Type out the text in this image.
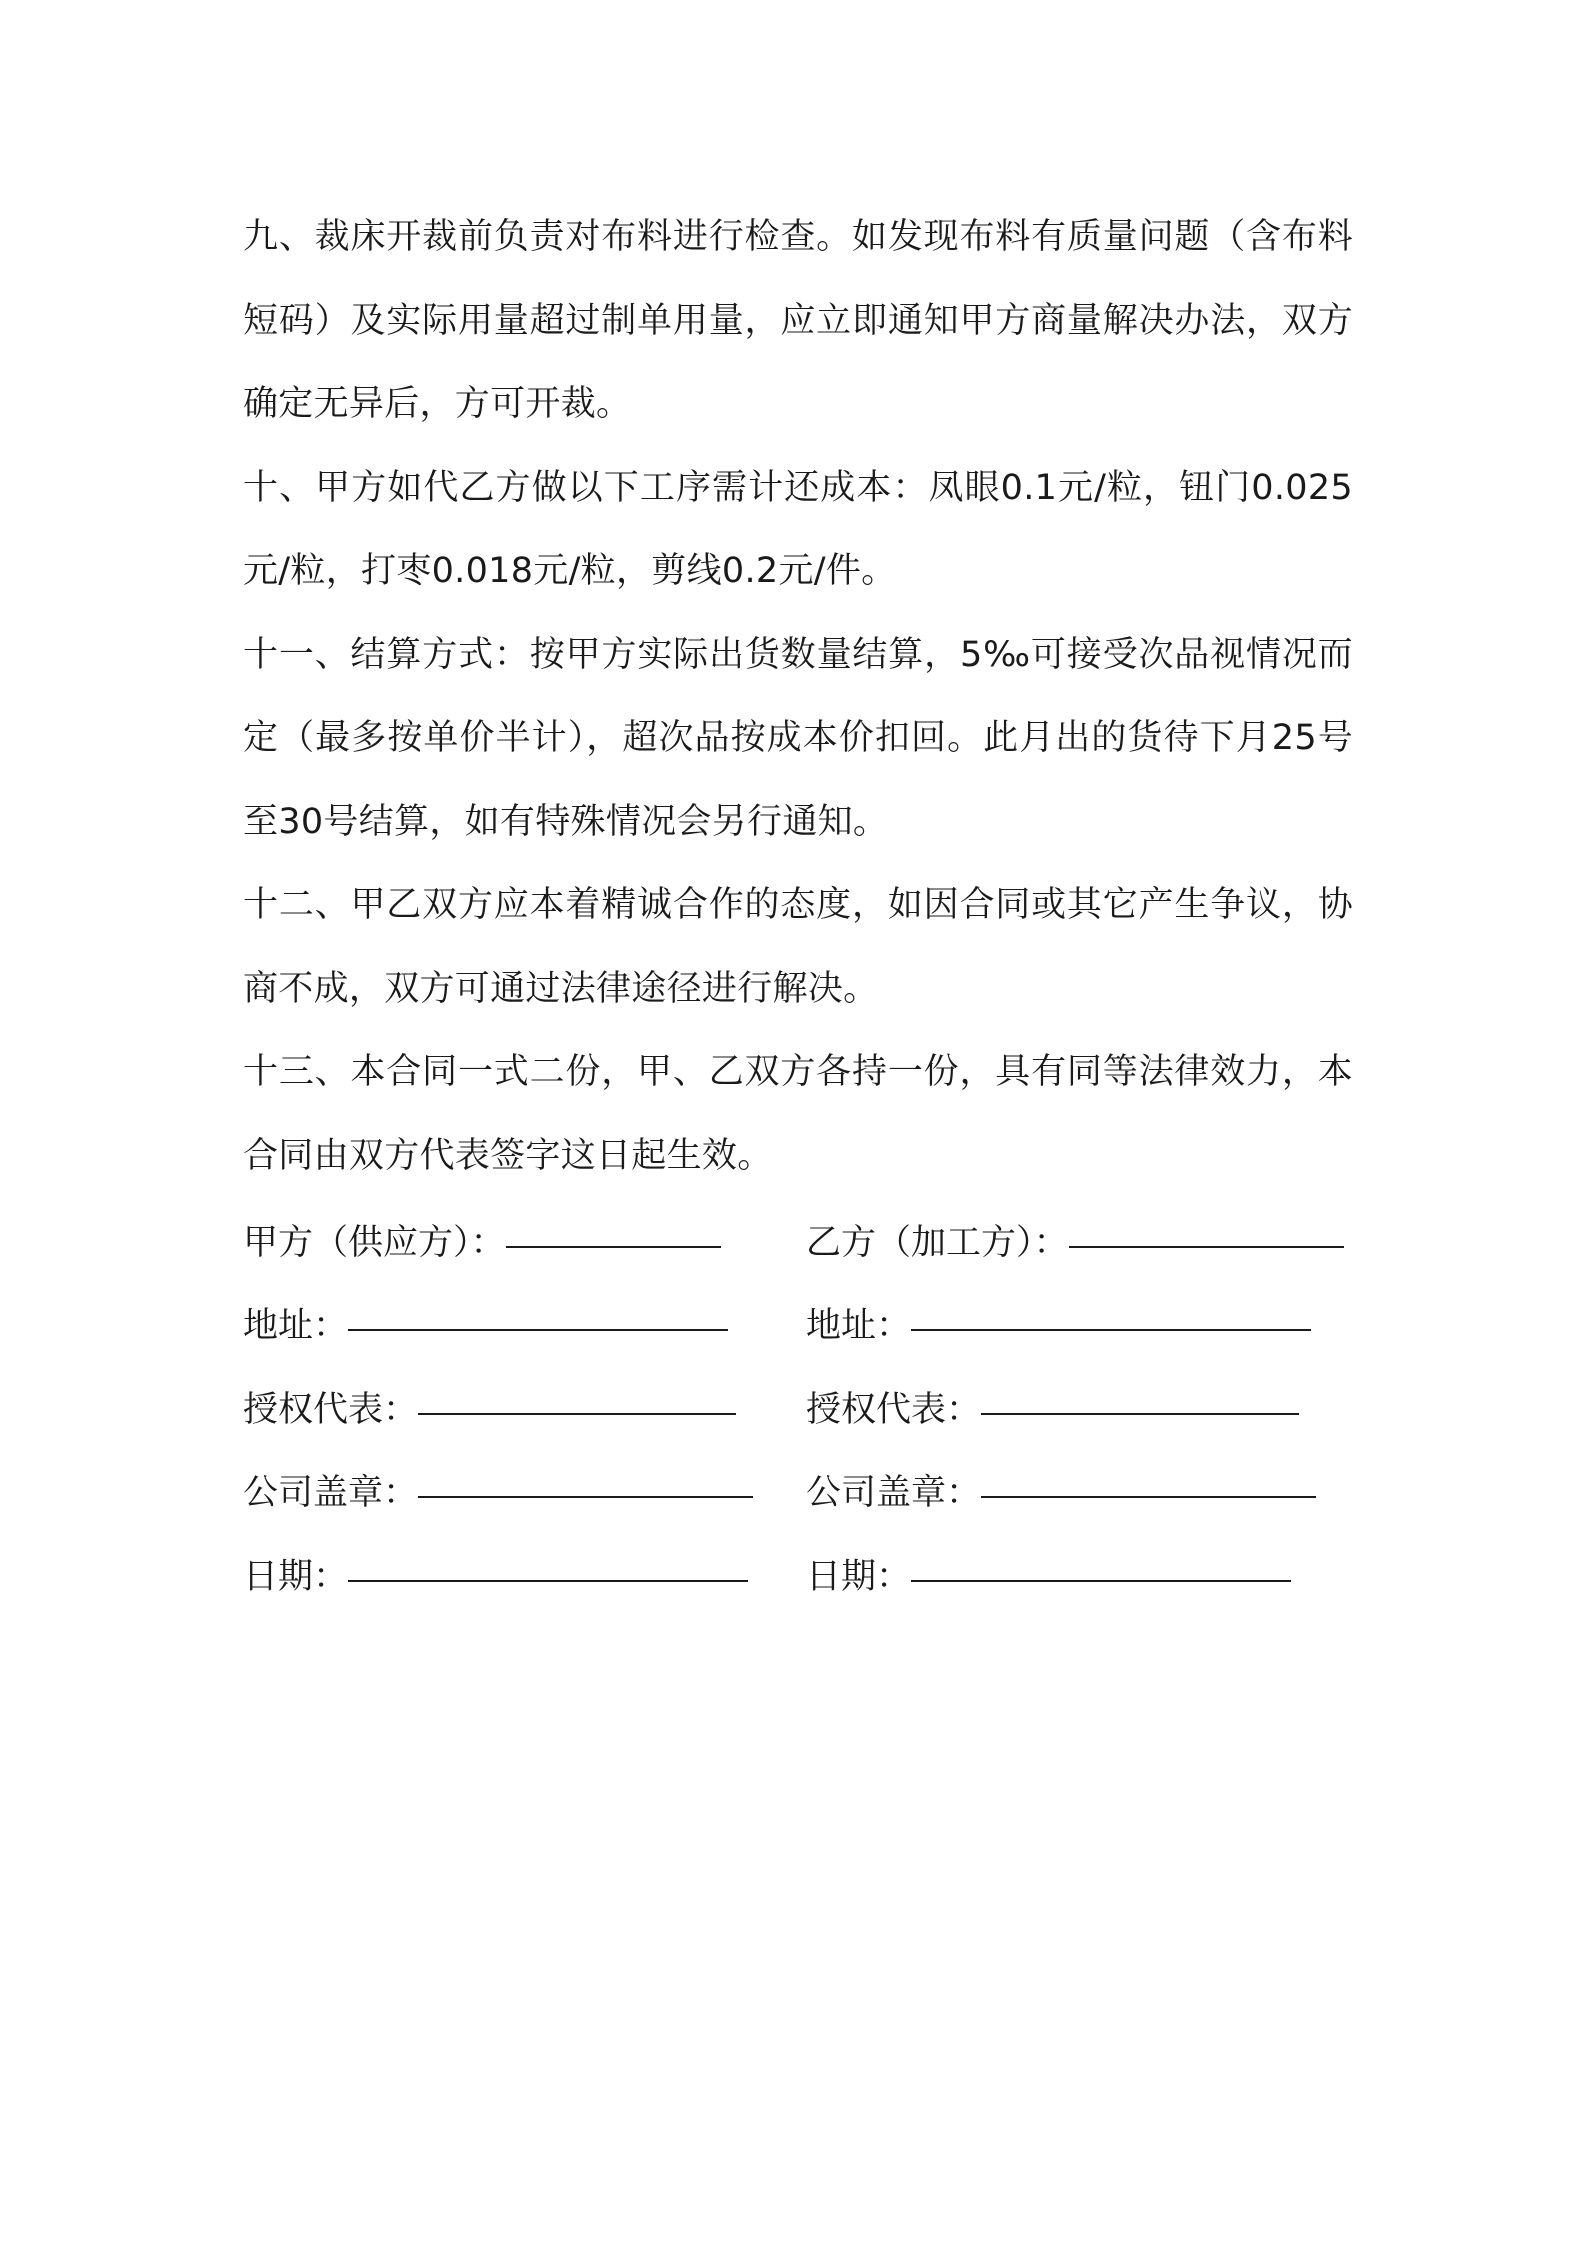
九、裁床开裁前负责对布料进行检查。如发现布料有质量问题（含布料短码）及实际用量超过制单用量，应立即通知甲方商量解决办法，双方确定无异后，方可开裁。

十、甲方如代乙方做以下工序需计还成本：凤眼0.1元/粒，钮门0.025元/粒，打枣0.018元/粒，剪线0.2元/件。

十一、结算方式：按甲方实际出货数量结算，5‰可接受次品视情况而定（最多按单价半计），超次品按成本价扣回。此月出的货待下月25号至30号结算，如有特殊情况会另行通知。

十二、甲乙双方应本着精诚合作的态度，如因合同或其它产生争议，协商不成，双方可通过法律途径进行解决。

十三、本合同一式二份，甲、乙双方各持一份，具有同等法律效力，本合同由双方代表签字这日起生效。

甲方（供应方）：	乙方（加工方）：
地址：	地址：
授权代表：	授权代表：
公司盖章：	公司盖章：
日期：	日期：
